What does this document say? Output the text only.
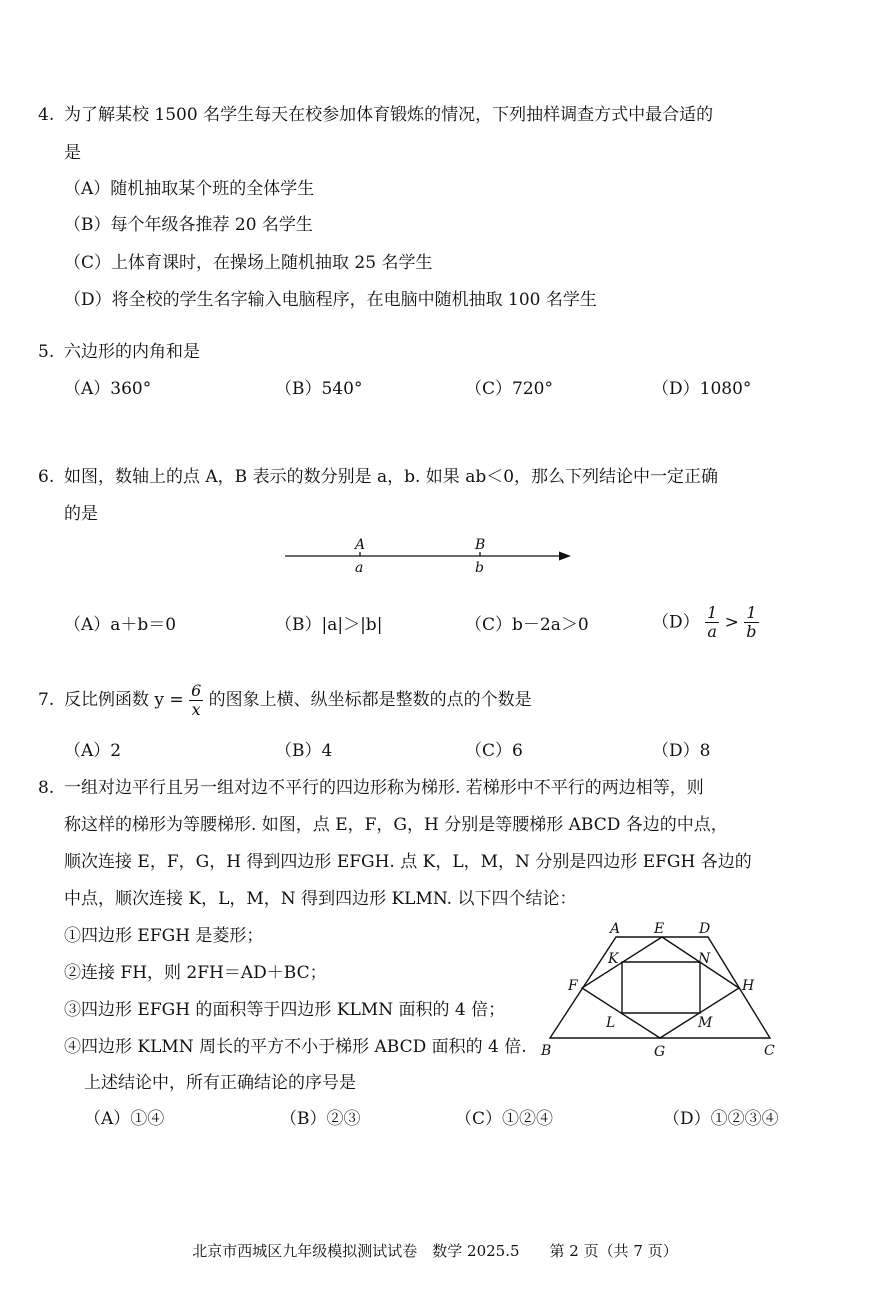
4. 为了解某校 1500 名学生每天在校参加体育锻炼的情况，下列抽样调查方式中最合适的
是
（A）随机抽取某个班的全体学生
（B）每个年级各推荐 20 名学生
（C）上体育课时，在操场上随机抽取 25 名学生
（D）将全校的学生名字输入电脑程序，在电脑中随机抽取 100 名学生
5. 六边形的内角和是
（A）360°	（B）540°	（C）720°	（D）1080°
6. 如图，数轴上的点 A，B 表示的数分别是 a，b. 如果 ab＜0，那么下列结论中一定正确
的是
A
a
B
b
（A）a＋b＝0	（B）|a|＞|b|	（C）b－2a＞0	$(D) \frac{1}{a} > \frac{1}{b}$
7. 反比例函数 $y = \frac{6}{x}$ 的图象上横、纵坐标都是整数的点的个数是
（A）2	（B）4	（C）6	（D）8
8. 一组对边平行且另一组对边不平行的四边形称为梯形. 若梯形中不平行的两边相等，则
称这样的梯形为等腰梯形. 如图，点 E，F，G，H 分别是等腰梯形 ABCD 各边的中点，
顺次连接 E，F，G，H 得到四边形 EFGH. 点 K，L，M，N 分别是四边形 EFGH 各边的
中点，顺次连接 K，L，M，N 得到四边形 KLMN. 以下四个结论：
①四边形 EFGH 是菱形；
②连接 FH，则 2FH＝AD＋BC；
③四边形 EFGH 的面积等于四边形 KLMN 面积的 4 倍；
④四边形 KLMN 周长的平方不小于梯形 ABCD 面积的 4 倍.
上述结论中，所有正确结论的序号是
（A）①④	（B）②③	（C）①②④	（D）①②③④
A E D
K	N
F	H
L	M
B	G	C
北京市西城区九年级模拟测试试卷　数学 2025.5　　第 2 页（共 7 页）
